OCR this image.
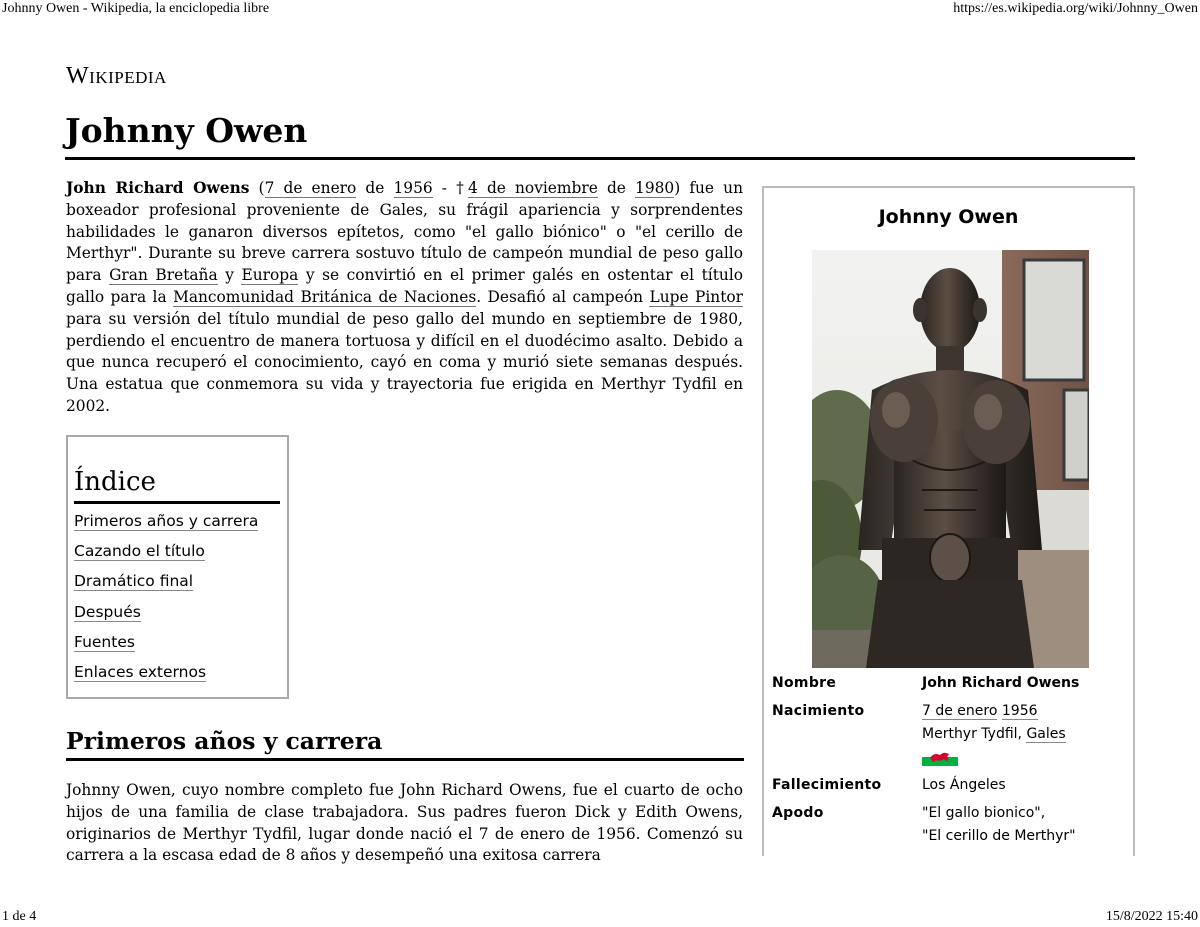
Johnny Owen - Wikipedia, la enciclopedia libre	https://es.wikipedia.org/wiki/Johnny_Owen
Wikipedia
Johnny Owen

John Richard Owens (7 de enero de 1956 - †4 de noviembre de 1980) fue un boxeador profesional proveniente de Gales, su frágil apariencia y sorprendentes habilidades le ganaron diversos epítetos, como "el gallo biónico" o "el cerillo de Merthyr". Durante su breve carrera sostuvo título de campeón mundial de peso gallo para Gran Bretaña y Europa y se convirtió en el primer galés en ostentar el título gallo para la Mancomunidad Británica de Naciones. Desafió al campeón Lupe Pintor para su versión del título mundial de peso gallo del mundo en septiembre de 1980, perdiendo el encuentro de manera tortuosa y difícil en el duodécimo asalto. Debido a que nunca recuperó el conocimiento, cayó en coma y murió siete semanas después. Una estatua que conmemora su vida y trayectoria fue erigida en Merthyr Tydfil en 2002.

Índice
Primeros años y carrera
Cazando el título
Dramático final
Después
Fuentes
Enlaces externos
Primeros años y carrera

Johnny Owen, cuyo nombre completo fue John Richard Owens, fue el cuarto de ocho hijos de una familia de clase trabajadora. Sus padres fueron Dick y Edith Owens, originarios de Merthyr Tydfil, lugar donde nació el 7 de enero de 1956. Comenzó su carrera a la escasa edad de 8 años y desempeñó una exitosa carrera

Johnny Owen
Nombre	John Richard Owens
Nacimiento	7 de enero 1956
Merthyr Tydfil, Gales

Fallecimiento	Los Ángeles
Apodo	"El gallo bionico",
"El cerillo de Merthyr"
1 de 4	15/8/2022 15:40
